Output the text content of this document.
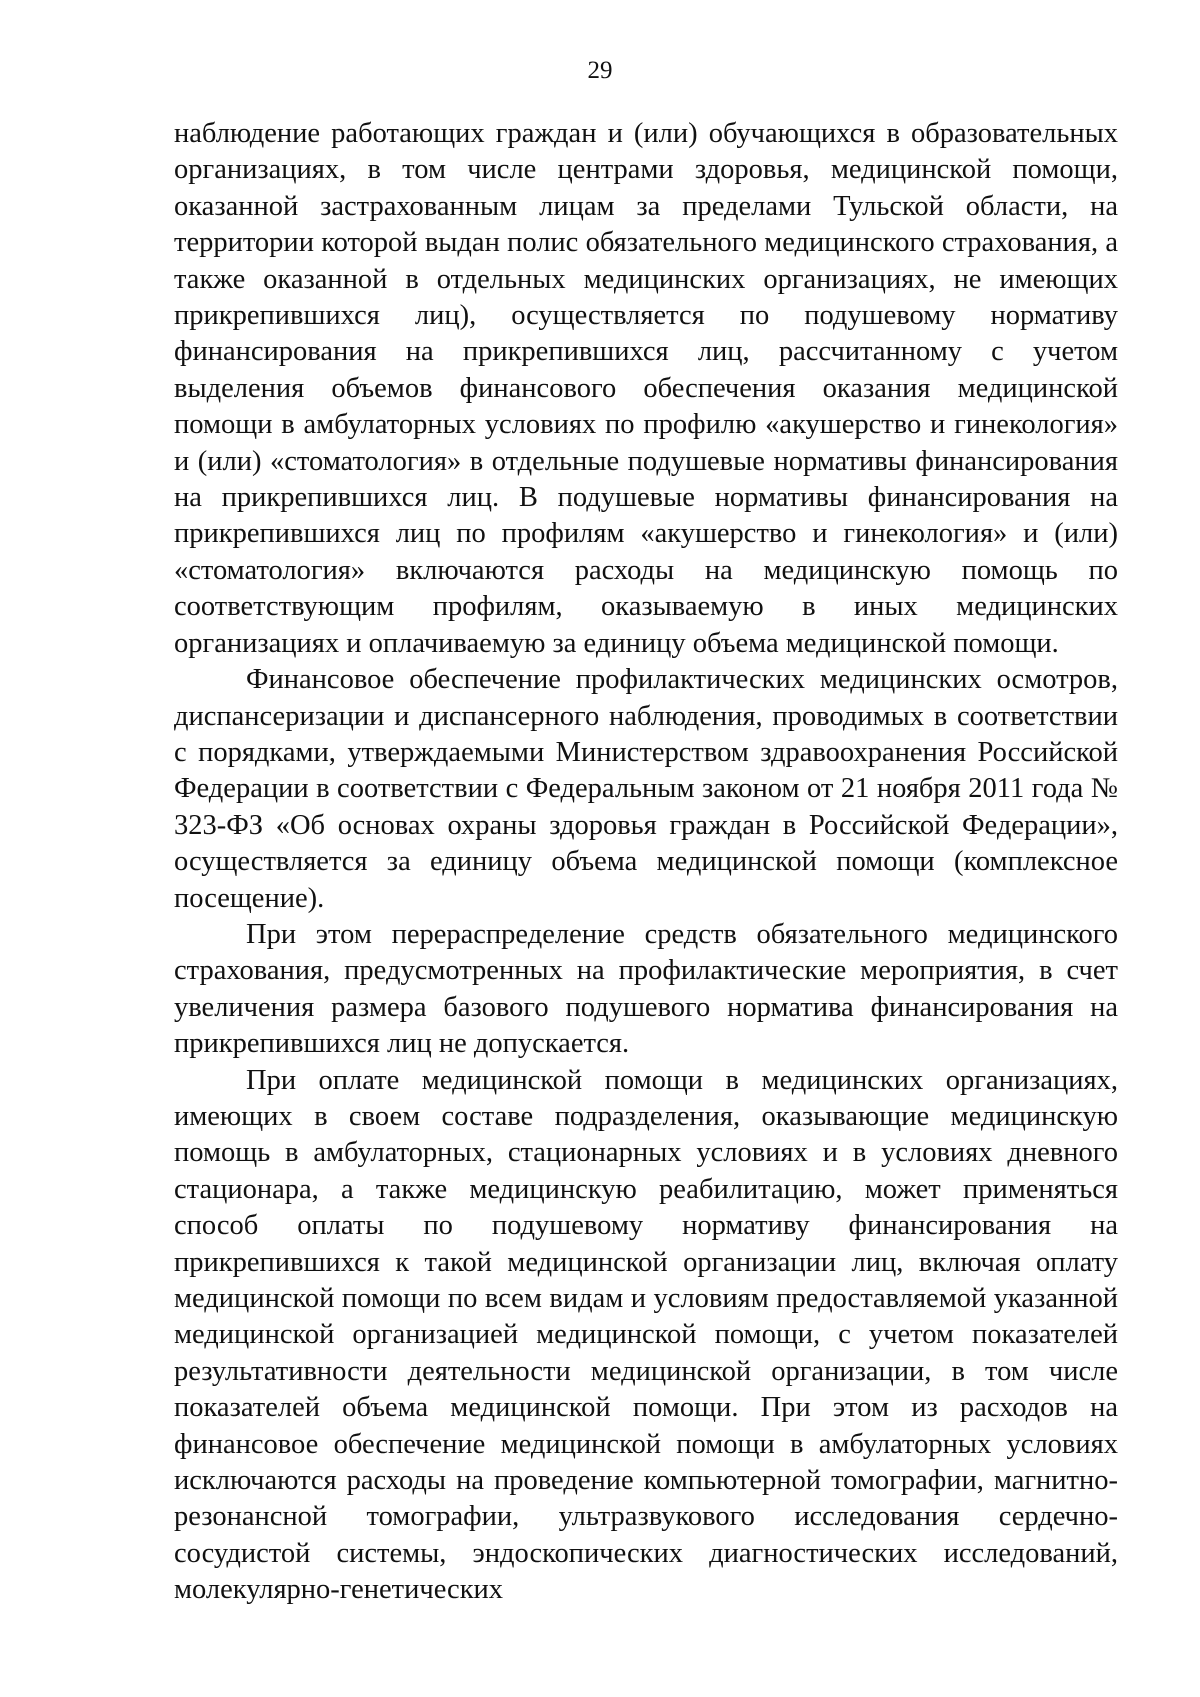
29

наблюдение работающих граждан и (или) обучающихся в образовательных организациях, в том числе центрами здоровья, медицинской помощи, оказанной застрахованным лицам за пределами Тульской области, на территории которой выдан полис обязательного медицинского страхования, а также оказанной в отдельных медицинских организациях, не имеющих прикрепившихся лиц), осуществляется по подушевому нормативу финансирования на прикрепившихся лиц, рассчитанному с учетом выделения объемов финансового обеспечения оказания медицинской помощи в амбулаторных условиях по профилю «акушерство и гинекология» и (или) «стоматология» в отдельные подушевые нормативы финансирования на прикрепившихся лиц. В подушевые нормативы финансирования на прикрепившихся лиц по профилям «акушерство и гинекология» и (или) «стоматология» включаются расходы на медицинскую помощь по соответствующим профилям, оказываемую в иных медицинских организациях и оплачиваемую за единицу объема медицинской помощи.

Финансовое обеспечение профилактических медицинских осмотров, диспансеризации и диспансерного наблюдения, проводимых в соответствии с порядками, утверждаемыми Министерством здравоохранения Российской Федерации в соответствии с Федеральным законом от 21 ноября 2011 года № 323-ФЗ «Об основах охраны здоровья граждан в Российской Федерации», осуществляется за единицу объема медицинской помощи (комплексное посещение).

При этом перераспределение средств обязательного медицинского страхования, предусмотренных на профилактические мероприятия, в счет увеличения размера базового подушевого норматива финансирования на прикрепившихся лиц не допускается.

При оплате медицинской помощи в медицинских организациях, имеющих в своем составе подразделения, оказывающие медицинскую помощь в амбулаторных, стационарных условиях и в условиях дневного стационара, а также медицинскую реабилитацию, может применяться способ оплаты по подушевому нормативу финансирования на прикрепившихся к такой медицинской организации лиц, включая оплату медицинской помощи по всем видам и условиям предоставляемой указанной медицинской организацией медицинской помощи, с учетом показателей результативности деятельности медицинской организации, в том числе показателей объема медицинской помощи. При этом из расходов на финансовое обеспечение медицинской помощи в амбулаторных условиях исключаются расходы на проведение компьютерной томографии, магнитно-резонансной томографии, ультразвукового исследования сердечно-сосудистой системы, эндоскопических диагностических исследований, молекулярно-генетических
